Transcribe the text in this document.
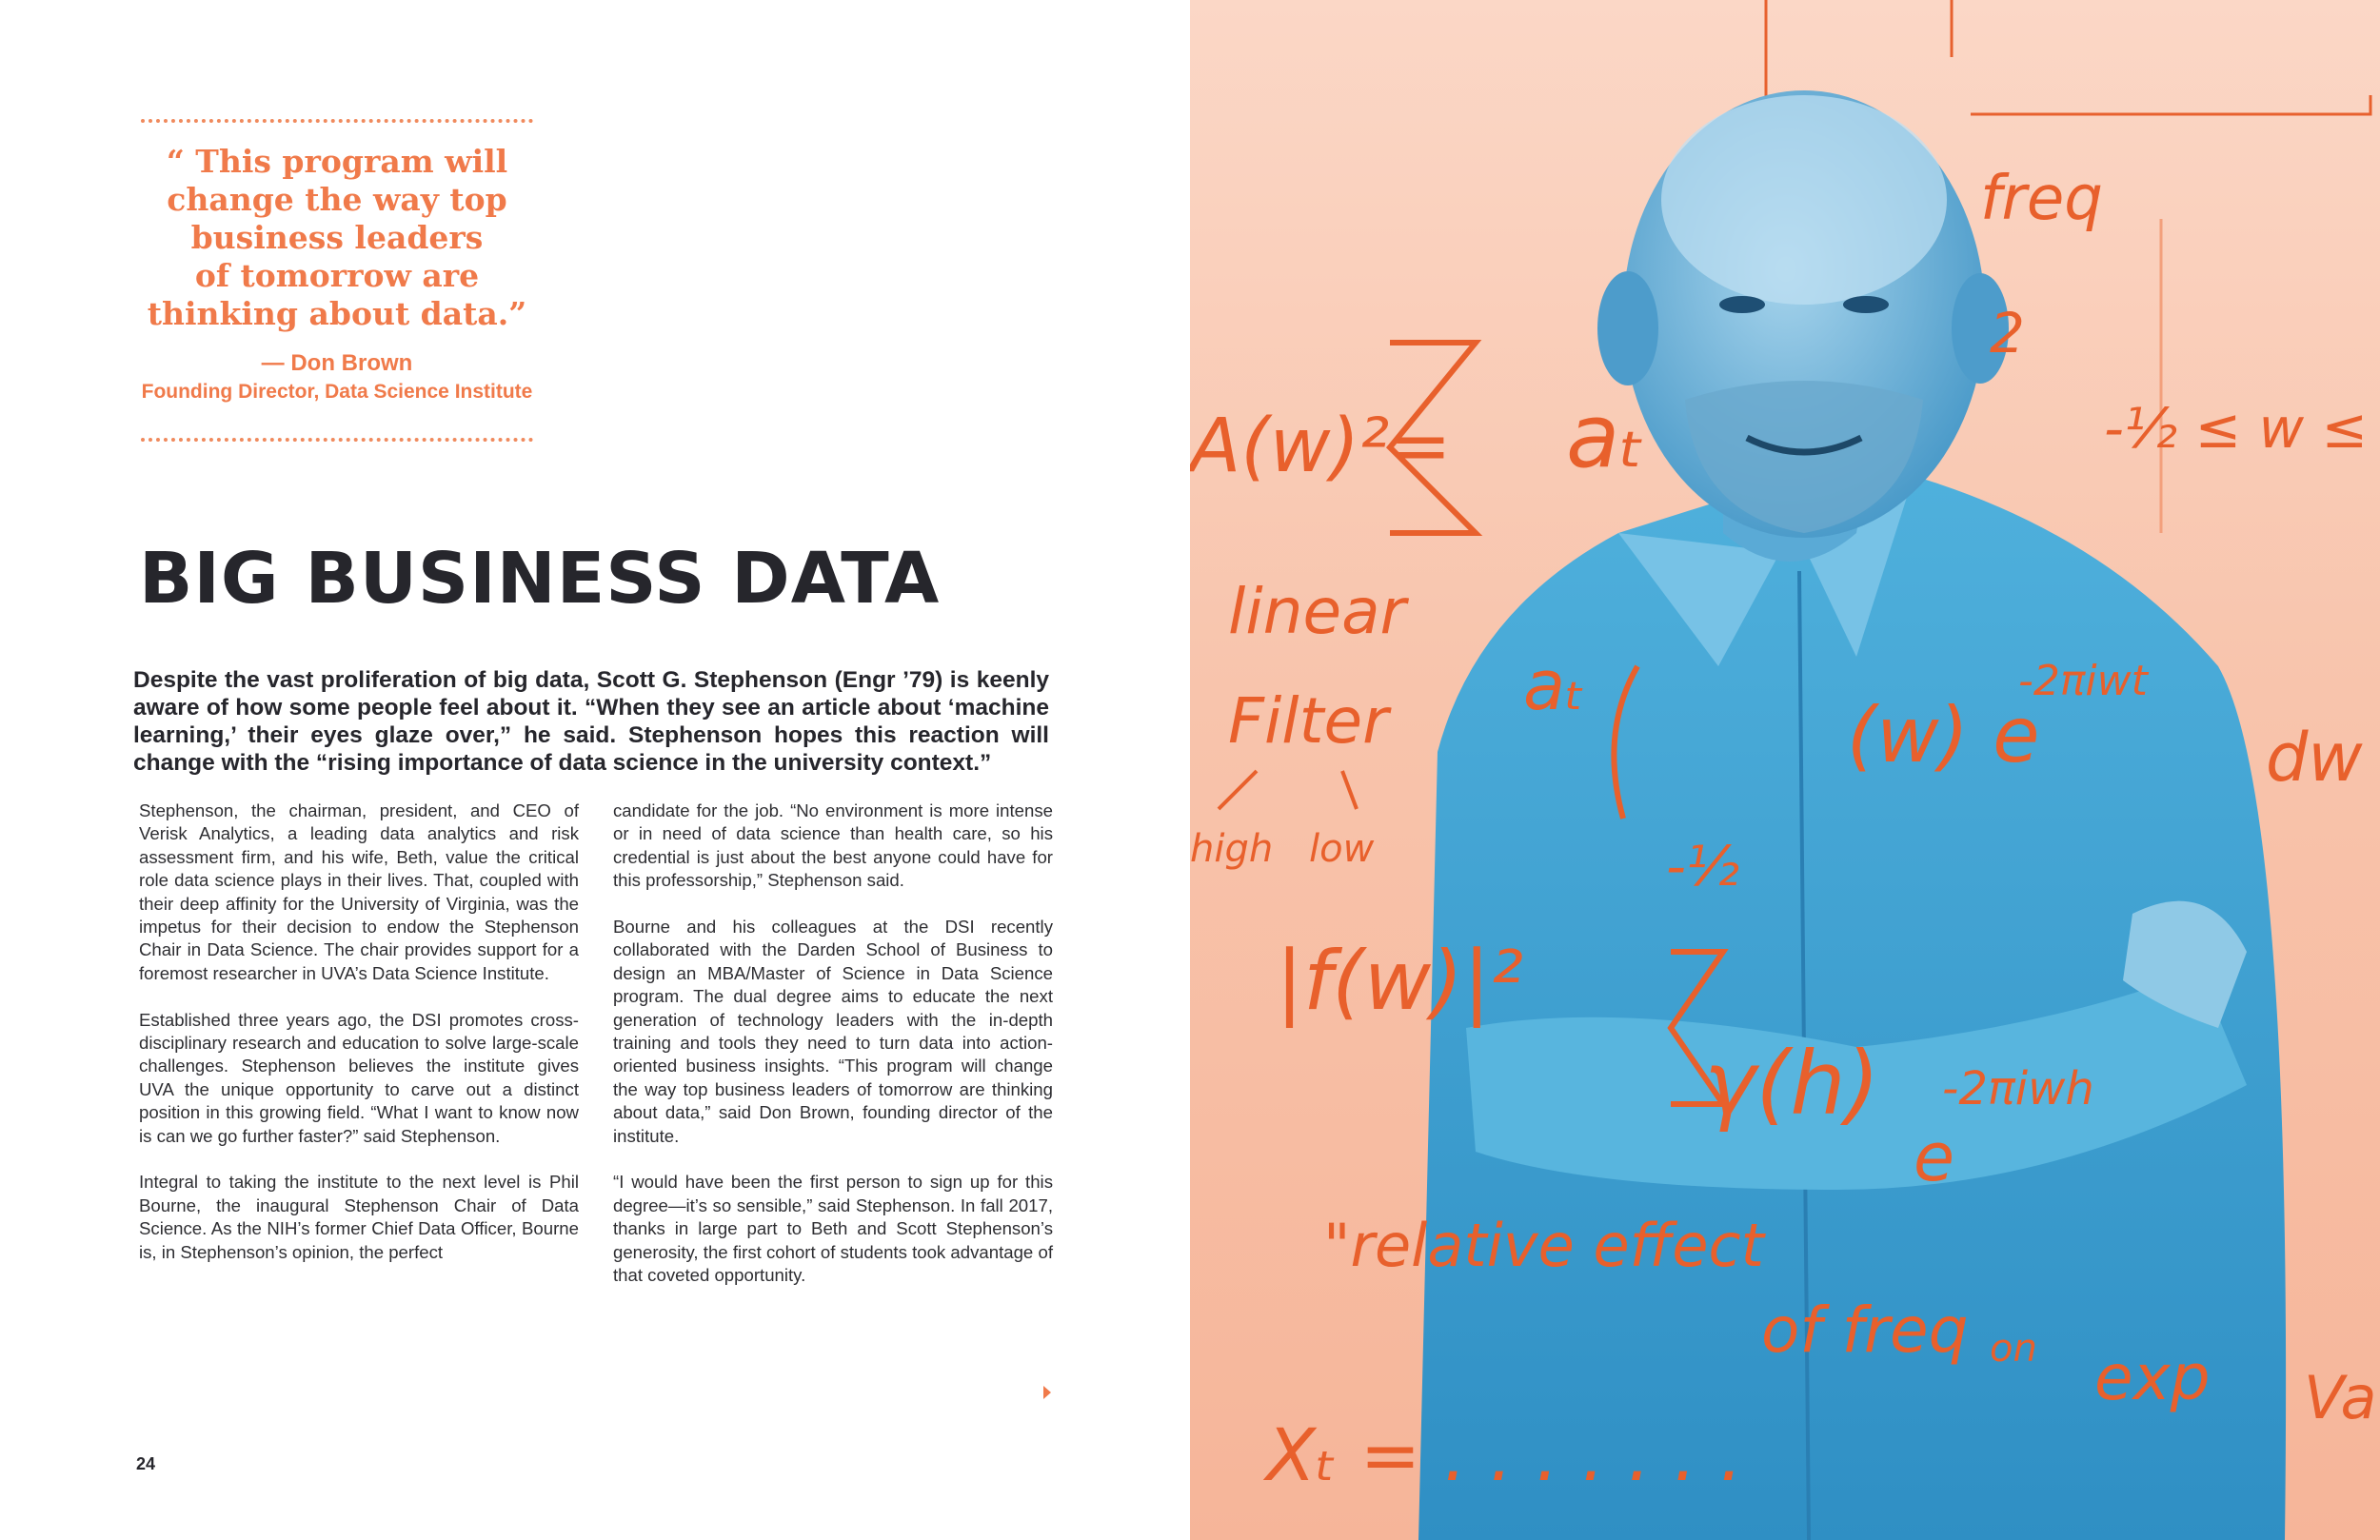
“ This program will
change the way top
business leaders
of tomorrow are
thinking about data.”

— Don Brown
Founding Director, Data Science Institute
BIG BUSINESS DATA

Despite the vast proliferation of big data, Scott G. Stephenson (Engr ’79) is keenly aware of how some people feel about it. “When they see an article about ‘machine learning,’ their eyes glaze over,” he said. Stephenson hopes this reaction will change with the “rising importance of data science in the university context.”

Stephenson, the chairman, president, and CEO of Verisk Analytics, a leading data analytics and risk assessment firm, and his wife, Beth, value the critical role data science plays in their lives. That, coupled with their deep affinity for the University of Virginia, was the impetus for their decision to endow the Stephenson Chair in Data Science. The chair provides support for a foremost researcher in UVA’s Data Science Institute.

Established three years ago, the DSI promotes cross-disciplinary research and education to solve large-scale challenges. Stephenson believes the institute gives UVA the unique opportunity to carve out a distinct position in this growing field. “What I want to know now is can we go further faster?” said Stephenson.

Integral to taking the institute to the next level is Phil Bourne, the inaugural Stephenson Chair of Data Science. As the NIH’s former Chief Data Officer, Bourne is, in Stephenson’s opinion, the perfect

candidate for the job. “No environment is more intense or in need of data science than health care, so his credential is just about the best anyone could have for this professorship,” Stephenson said.

Bourne and his colleagues at the DSI recently collaborated with the Darden School of Business to design an MBA/Master of Science in Data Science program. The dual degree aims to educate the next generation of technology leaders with the in-depth training and tools they need to turn data into action-oriented business insights. “This program will change the way top business leaders of tomorrow are thinking about data,” said Don Brown, founding director of the institute.

“I would have been the first person to sign up for this degree—it’s so sensible,” said Stephenson. In fall 2017, thanks in large part to Beth and Scott Stephenson’s generosity, the first cohort of students took advantage of that coveted opportunity.

24
A(w)²= aₜ
freq
2
-½ ≤ w ≤
linear
Filter
high low
aₜ
(w) e
-2πiwt
dw
-½
|f(w)|²
γ(h)
e
-2πiwh
"relative effect
of freq on exp Va
Xₜ = . . . . . . .
